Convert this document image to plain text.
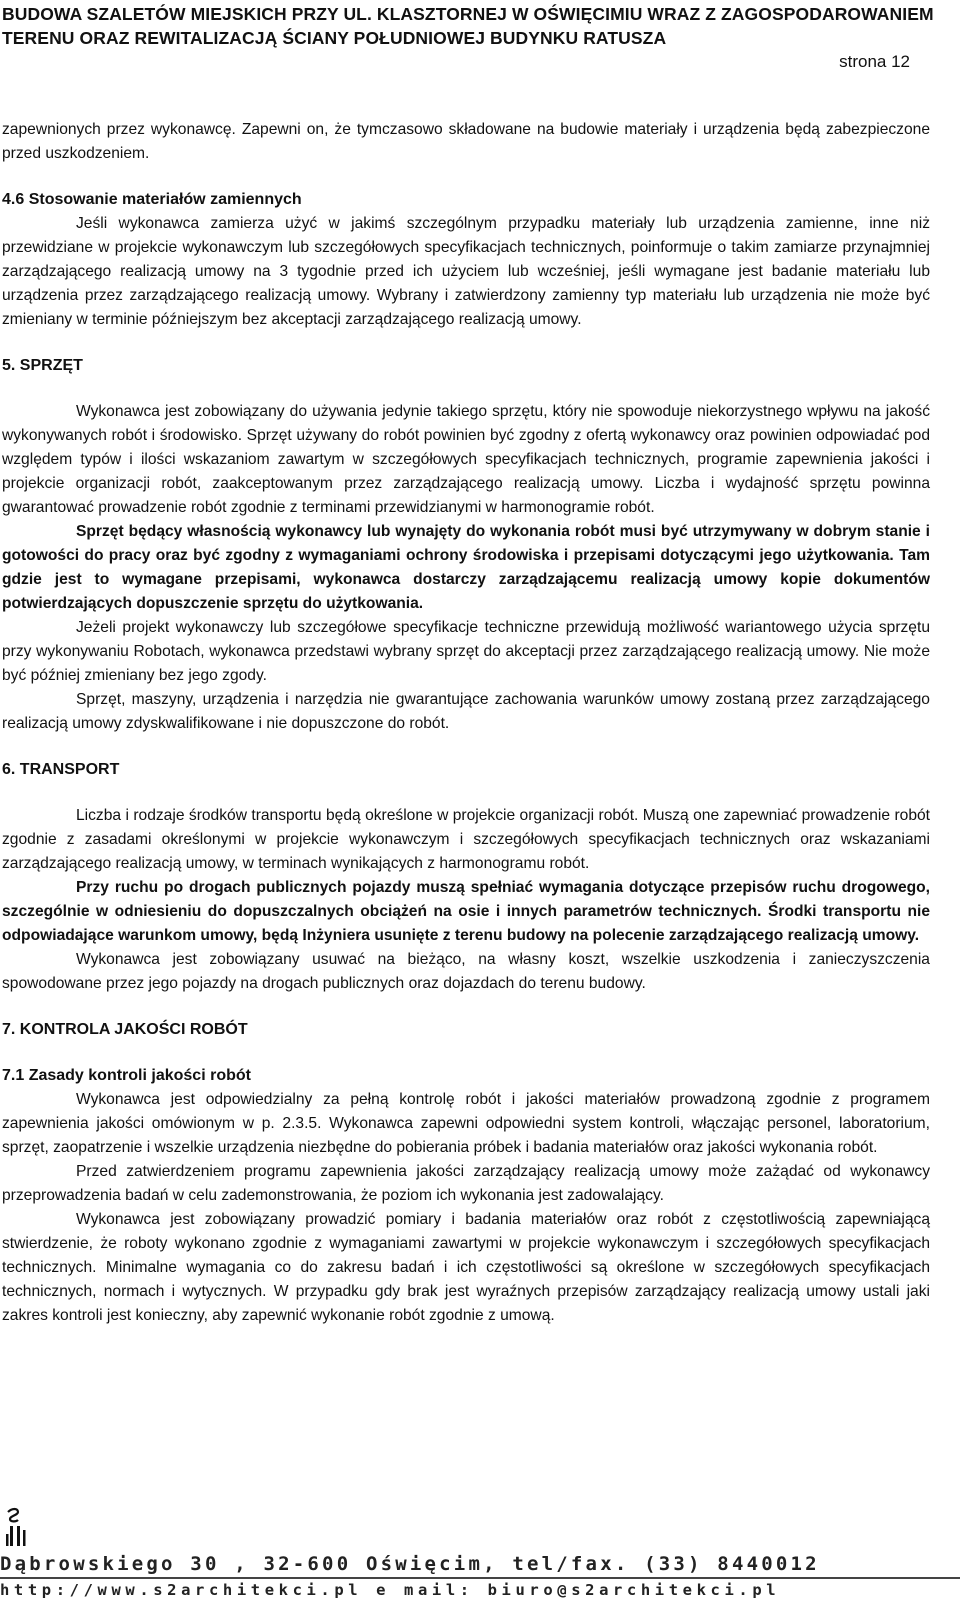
BUDOWA SZALETÓW MIEJSKICH PRZY UL. KLASZTORNEJ W OŚWIĘCIMIU WRAZ Z ZAGOSPODAROWANIEM

TERENU ORAZ REWITALIZACJĄ ŚCIANY POŁUDNIOWEJ BUDYNKU RATUSZA

strona 12

zapewnionych przez wykonawcę. Zapewni on, że tymczasowo składowane na budowie materiały i urządzenia będą zabezpieczone przed uszkodzeniem.

4.6 Stosowanie materiałów zamiennych

Jeśli wykonawca zamierza użyć w jakimś szczególnym przypadku materiały lub urządzenia zamienne, inne niż przewidziane w projekcie wykonawczym lub szczegółowych specyfikacjach technicznych, poinformuje o takim zamiarze przynajmniej zarządzającego realizacją umowy na 3 tygodnie przed ich użyciem lub wcześniej, jeśli wymagane jest badanie materiału lub urządzenia przez zarządzającego realizacją umowy. Wybrany i zatwierdzony zamienny typ materiału lub urządzenia nie może być zmieniany w terminie późniejszym bez akceptacji zarządzającego realizacją umowy.

5. SPRZĘT

Wykonawca jest zobowiązany do używania jedynie takiego sprzętu, który nie spowoduje niekorzystnego wpływu na jakość wykonywanych robót i środowisko. Sprzęt używany do robót powinien być zgodny z ofertą wykonawcy oraz powinien odpowiadać pod względem typów i ilości wskazaniom zawartym w szczegółowych specyfikacjach technicznych, programie zapewnienia jakości i projekcie organizacji robót, zaakceptowanym przez zarządzającego realizacją umowy. Liczba i wydajność sprzętu powinna gwarantować prowadzenie robót zgodnie z terminami przewidzianymi w harmonogramie robót.

Sprzęt będący własnością wykonawcy lub wynajęty do wykonania robót musi być utrzymywany w dobrym stanie i gotowości do pracy oraz być zgodny z wymaganiami ochrony środowiska i przepisami dotyczącymi jego użytkowania. Tam gdzie jest to wymagane przepisami, wykonawca dostarczy zarządzającemu realizacją umowy kopie dokumentów potwierdzających dopuszczenie sprzętu do użytkowania.

Jeżeli projekt wykonawczy lub szczegółowe specyfikacje techniczne przewidują możliwość wariantowego użycia sprzętu przy wykonywaniu Robotach, wykonawca przedstawi wybrany sprzęt do akceptacji przez zarządzającego realizacją umowy. Nie może być później zmieniany bez jego zgody.

Sprzęt, maszyny, urządzenia i narzędzia nie gwarantujące zachowania warunków umowy zostaną przez zarządzającego realizacją umowy zdyskwalifikowane i nie dopuszczone do robót.

6. TRANSPORT

Liczba i rodzaje środków transportu będą określone w projekcie organizacji robót. Muszą one zapewniać prowadzenie robót zgodnie z zasadami określonymi w projekcie wykonawczym i szczegółowych specyfikacjach technicznych oraz wskazaniami zarządzającego realizacją umowy, w terminach wynikających z harmonogramu robót.

Przy ruchu po drogach publicznych pojazdy muszą spełniać wymagania dotyczące przepisów ruchu drogowego, szczególnie w odniesieniu do dopuszczalnych obciążeń na osie i innych parametrów technicznych. Środki transportu nie odpowiadające warunkom umowy, będą Inżyniera usunięte z terenu budowy na polecenie zarządzającego realizacją umowy.

Wykonawca jest zobowiązany usuwać na bieżąco, na własny koszt, wszelkie uszkodzenia i zanieczyszczenia spowodowane przez jego pojazdy na drogach publicznych oraz dojazdach do terenu budowy.

7. KONTROLA JAKOŚCI ROBÓT

7.1 Zasady kontroli jakości robót

Wykonawca jest odpowiedzialny za pełną kontrolę robót i jakości materiałów prowadzoną zgodnie z programem zapewnienia jakości omówionym w p. 2.3.5. Wykonawca zapewni odpowiedni system kontroli, włączając personel, laboratorium, sprzęt, zaopatrzenie i wszelkie urządzenia niezbędne do pobierania próbek i badania materiałów oraz jakości wykonania robót.

Przed zatwierdzeniem programu zapewnienia jakości zarządzający realizacją umowy może zażądać od wykonawcy przeprowadzenia badań w celu zademonstrowania, że poziom ich wykonania jest zadowalający.

Wykonawca jest zobowiązany prowadzić pomiary i badania materiałów oraz robót z częstotliwością zapewniającą stwierdzenie, że roboty wykonano zgodnie z wymaganiami zawartymi w projekcie wykonawczym i szczegółowych specyfikacjach technicznych. Minimalne wymagania co do zakresu badań i ich częstotliwości są określone w szczegółowych specyfikacjach technicznych, normach i wytycznych. W przypadku gdy brak jest wyraźnych przepisów zarządzający realizacją umowy ustali jaki zakres kontroli jest konieczny, aby zapewnić wykonanie robót zgodnie z umową.

Dąbrowskiego 30 , 32-600 Oświęcim, tel/fax. (33) 8440012
http://www.s2architekci.pl e mail: biuro@s2architekci.pl
